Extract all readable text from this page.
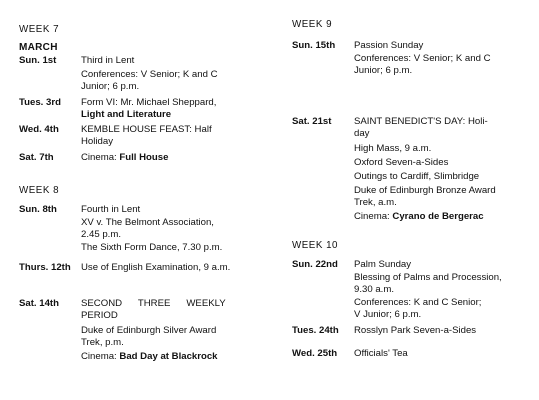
WEEK 7
MARCH
Sun. 1st	Third in Lent
Conferences: V Senior; K and C
Junior; 6 p.m.
Tues. 3rd Form VI: Mr. Michael Sheppard,
Light and Literature
Wed. 4th KEMBLE HOUSE FEAST: Half
Holiday
Sat. 7th	Cinema: Full House
WEEK 8
Sun. 8th	Fourth in Lent
XV v. The Belmont Association,
2.45 p.m.
The Sixth Form Dance, 7.30 p.m.
Thurs. 12th Use of English Examination, 9 a.m.
Sat. 14th SECOND      THREE      WEEKLY
PERIOD
Duke of Edinburgh Silver Award
Trek, p.m.
Cinema: Bad Day at Blackrock
WEEK 9
Sun. 15th Passion Sunday
Conferences: V Senior; K and C
Junior; 6 p.m.
Sat. 21st SAINT BENEDICT'S DAY: Holi-
day
High Mass, 9 a.m.
Oxford Seven-a-Sides
Outings to Cardiff, Slimbridge
Duke of Edinburgh Bronze Award
Trek, a.m.
Cinema: Cyrano de Bergerac
WEEK 10
Sun. 22nd Palm Sunday
Blessing of Palms and Procession,
9.30 a.m.
Conferences: K and C Senior;
V Junior; 6 p.m.
Tues. 24th Rosslyn Park Seven-a-Sides
Wed. 25th Officials' Tea
